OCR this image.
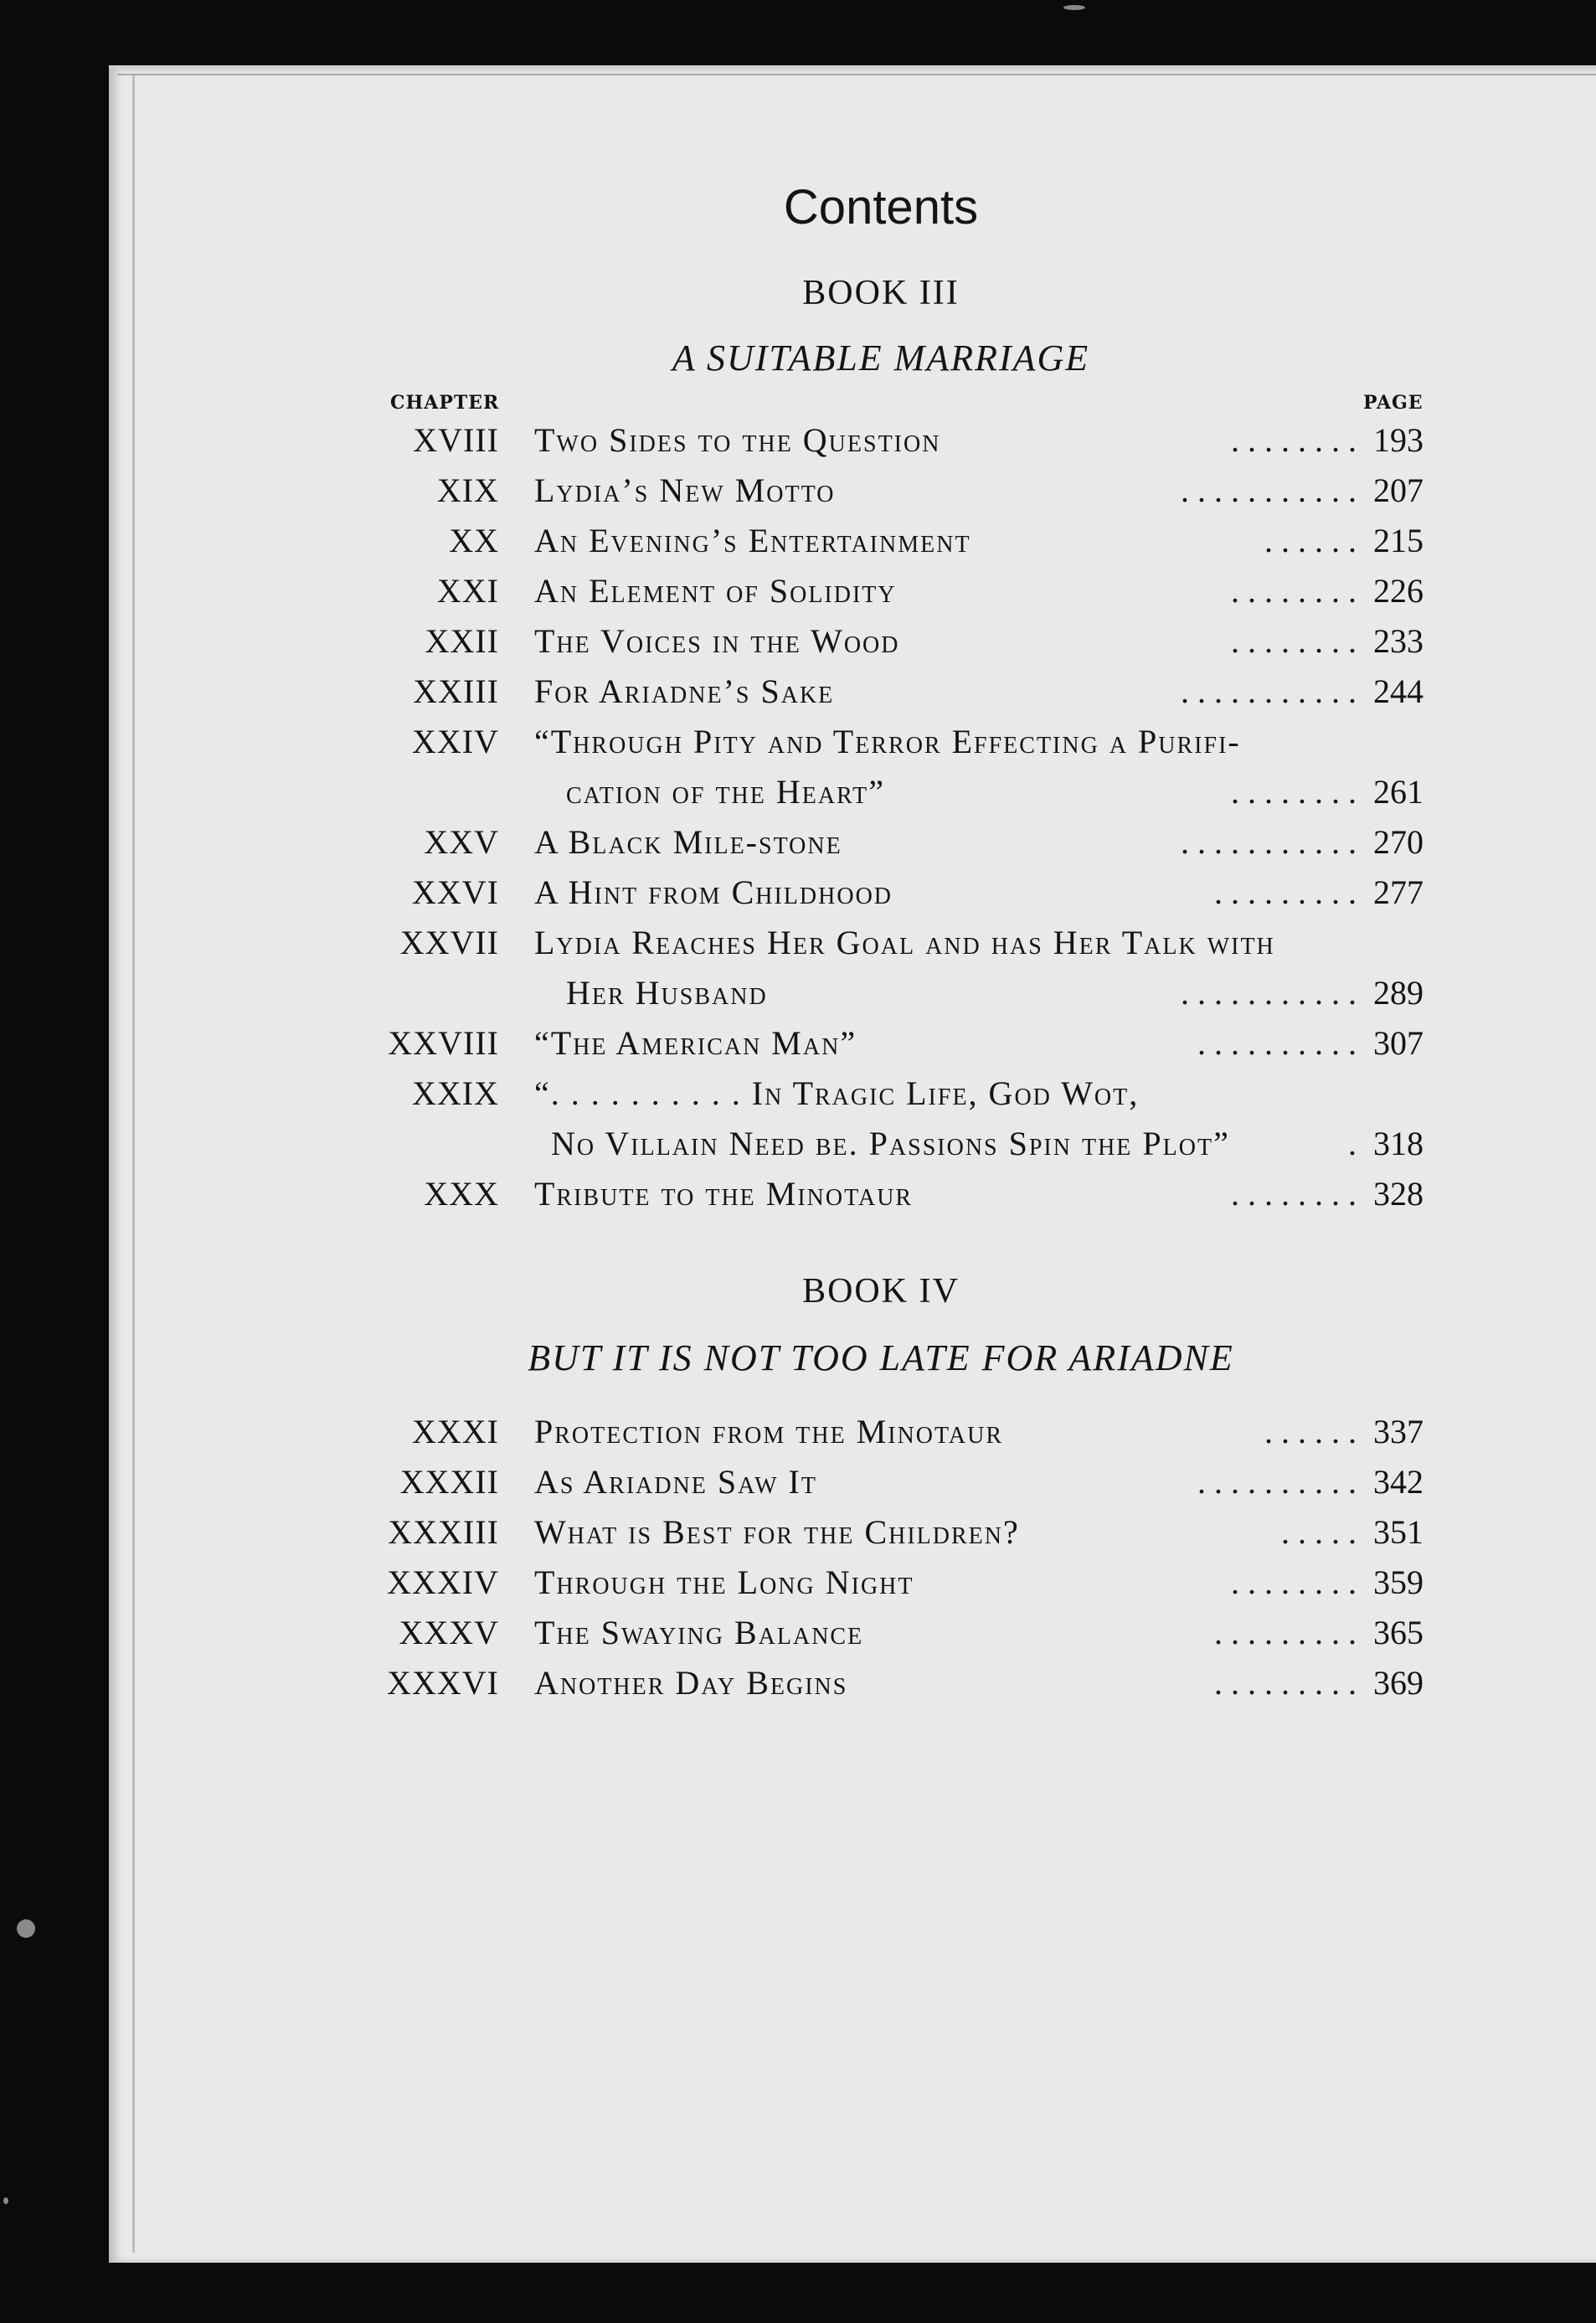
Contents
BOOK III
A SUITABLE MARRIAGE
CHAPTER	PAGE
XVIII Two Sides to the Question	. . . . . . . . 193
XIX Lydia’s New Motto	. . . . . . . . . . . 207
XX An Evening’s Entertainment	. . . . . . 215
XXI An Element of Solidity	. . . . . . . . 226
XXII The Voices in the Wood	. . . . . . . . 233
XXIII For Ariadne’s Sake	. . . . . . . . . . . 244
XXIV “Through Pity and Terror Effecting a Purifi-
cation of the Heart”	. . . . . . . . 261
XXV A Black Mile-stone	. . . . . . . . . . . 270
XXVI A Hint from Childhood	. . . . . . . . . 277
XXVII Lydia Reaches Her Goal and has Her Talk with
Her Husband	. . . . . . . . . . . 289
XXVIII “The American Man”	. . . . . . . . . . 307
XXIX “. . . . . . . . . . In Tragic Life, God Wot,
No Villain Need be. Passions Spin the Plot”	. 318
XXX Tribute to the Minotaur	. . . . . . . . 328
BOOK IV
BUT IT IS NOT TOO LATE FOR ARIADNE
XXXI Protection from the Minotaur	. . . . . . 337
XXXII As Ariadne Saw It	. . . . . . . . . . 342
XXXIII What is Best for the Children?	. . . . . 351
XXXIV Through the Long Night	. . . . . . . . 359
XXXV The Swaying Balance	. . . . . . . . . 365
XXXVI Another Day Begins	. . . . . . . . . 369
